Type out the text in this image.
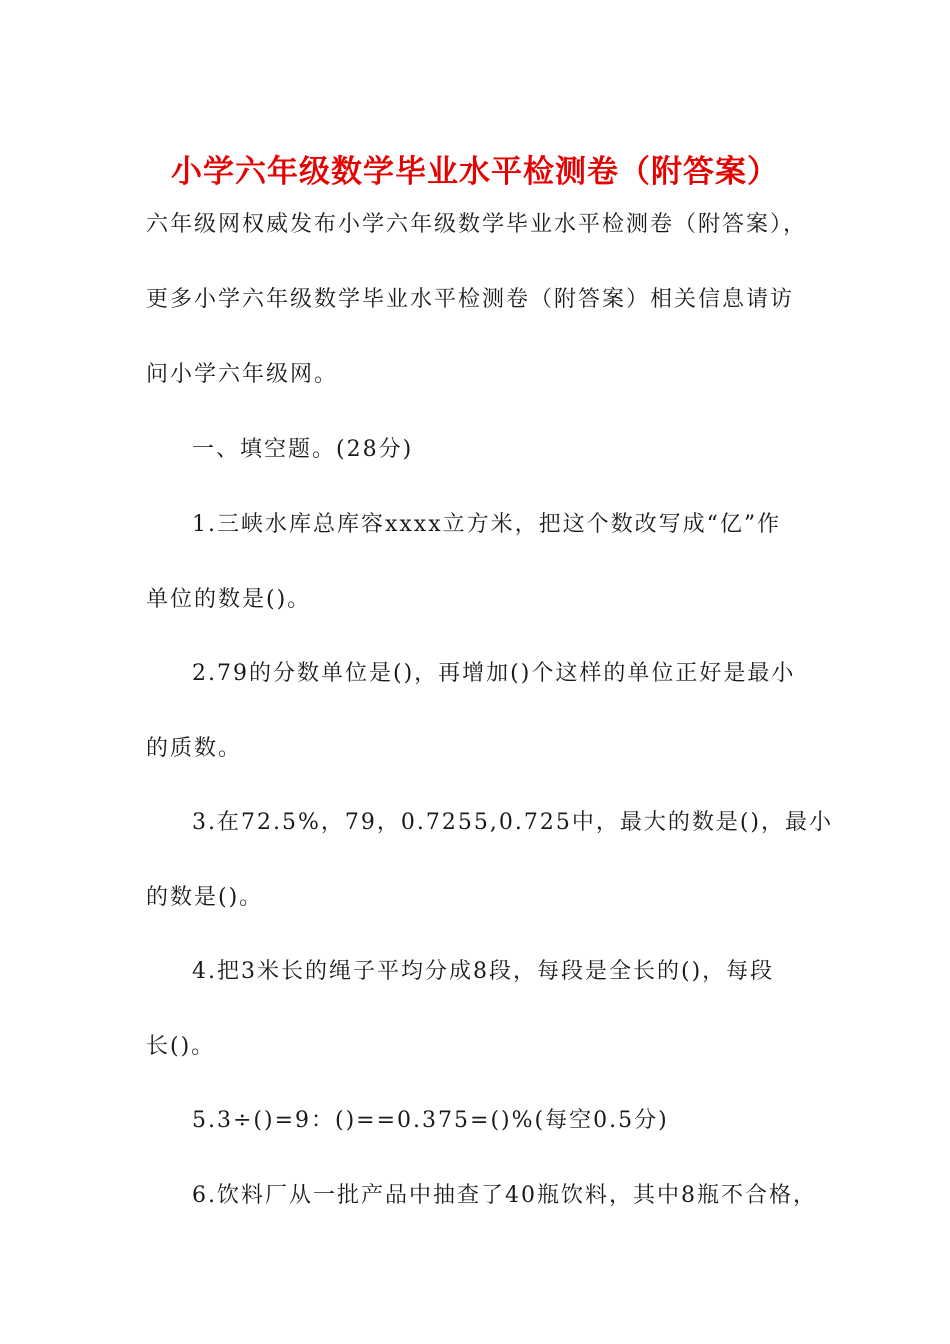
小学六年级数学毕业水平检测卷（附答案）
六年级网权威发布小学六年级数学毕业水平检测卷（附答案），
更多小学六年级数学毕业水平检测卷（附答案）相关信息请访
问小学六年级网。
一、填空题。(28分)
1.三峡水库总库容xxxx立方米，把这个数改写成“亿”作
单位的数是()。
2.79的分数单位是()，再增加()个这样的单位正好是最小
的质数。
3.在72.5%，79，0.7255,0.725中，最大的数是()，最小
的数是()。
4.把3米长的绳子平均分成8段，每段是全长的()，每段
长()。
5.3÷()=9：()==0.375=()%(每空0.5分)
6.饮料厂从一批产品中抽查了40瓶饮料，其中8瓶不合格，
